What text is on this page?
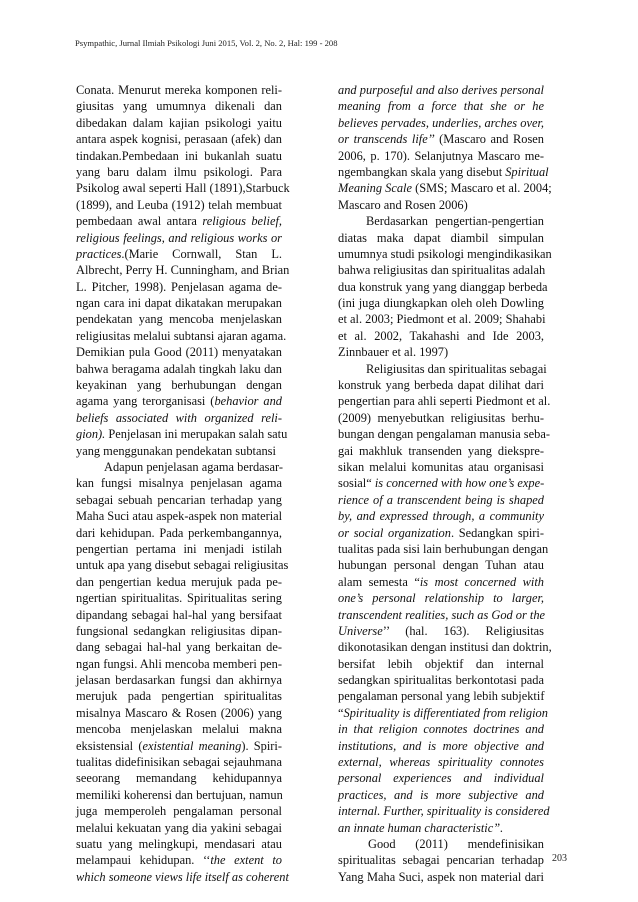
Psympathic, Jurnal Ilmiah Psikologi Juni 2015, Vol. 2, No. 2, Hal: 199 - 208
Conata. Menurut mereka komponen reli-
giusitas yang umumnya dikenali dan
dibedakan dalam kajian psikologi yaitu
antara aspek kognisi, perasaan (afek) dan
tindakan.Pembedaan ini bukanlah suatu
yang baru dalam ilmu psikologi. Para
Psikolog awal seperti Hall (1891),Starbuck
(1899), and Leuba (1912) telah membuat
pembedaan awal antara religious belief,
religious feelings, and religious works or
practices.(Marie Cornwall, Stan L.
Albrecht, Perry H. Cunningham, and Brian
L. Pitcher, 1998). Penjelasan agama de-
ngan cara ini dapat dikatakan merupakan
pendekatan yang mencoba menjelaskan
religiusitas melalui subtansi ajaran agama.
Demikian pula Good (2011) menyatakan
bahwa beragama adalah tingkah laku dan
keyakinan yang berhubungan dengan
agama yang terorganisasi (behavior and
beliefs associated with organized reli-
gion). Penjelasan ini merupakan salah satu
yang menggunakan pendekatan subtansi
Adapun penjelasan agama berdasar-
kan fungsi misalnya penjelasan agama
sebagai sebuah pencarian terhadap yang
Maha Suci atau aspek-aspek non material
dari kehidupan. Pada perkembangannya,
pengertian pertama ini menjadi istilah
untuk apa yang disebut sebagai religiusitas
dan pengertian kedua merujuk pada pe-
ngertian spiritualitas. Spiritualitas sering
dipandang sebagai hal-hal yang bersifaat
fungsional sedangkan religiusitas dipan-
dang sebagai hal-hal yang berkaitan de-
ngan fungsi. Ahli mencoba memberi pen-
jelasan berdasarkan fungsi dan akhirnya
merujuk pada pengertian spiritualitas
misalnya Mascaro & Rosen (2006) yang
mencoba menjelaskan melalui makna
eksistensial (existential meaning). Spiri-
tualitas didefinisikan sebagai sejauhmana
seeorang memandang kehidupannya
memiliki koherensi dan bertujuan, namun
juga memperoleh pengalaman personal
melalui kekuatan yang dia yakini sebagai
suatu yang melingkupi, mendasari atau
melampaui kehidupan. ‘‘the extent to
which someone views life itself as coherent
and purposeful and also derives personal
meaning from a force that she or he
believes pervades, underlies, arches over,
or transcends life’’ (Mascaro and Rosen
2006, p. 170). Selanjutnya Mascaro me-
ngembangkan skala yang disebut Spiritual
Meaning Scale (SMS; Mascaro et al. 2004;
Mascaro and Rosen 2006)
Berdasarkan pengertian-pengertian
diatas maka dapat diambil simpulan
umumnya studi psikologi mengindikasikan
bahwa religiusitas dan spiritualitas adalah
dua konstruk yang yang dianggap berbeda
(ini juga diungkapkan oleh oleh Dowling
et al. 2003; Piedmont et al. 2009; Shahabi
et al. 2002, Takahashi and Ide 2003,
Zinnbauer et al. 1997)
Religiusitas dan spiritualitas sebagai
konstruk yang berbeda dapat dilihat dari
pengertian para ahli seperti Piedmont et al.
(2009) menyebutkan religiusitas berhu-
bungan dengan pengalaman manusia seba-
gai makhluk transenden yang diekspre-
sikan melalui komunitas atau organisasi
sosial“ is concerned with how one’s expe-
rience of a transcendent being is shaped
by, and expressed through, a community
or social organization. Sedangkan spiri-
tualitas pada sisi lain berhubungan dengan
hubungan personal dengan Tuhan atau
alam semesta “is most concerned with
one’s personal relationship to larger,
transcendent realities, such as God or the
Universe’’ (hal. 163). Religiusitas
dikonotasikan dengan institusi dan doktrin,
bersifat lebih objektif dan internal
sedangkan spiritualitas berkontotasi pada
pengalaman personal yang lebih subjektif
“Spirituality is differentiated from religion
in that religion connotes doctrines and
institutions, and is more objective and
external, whereas spirituality connotes
personal experiences and individual
practices, and is more subjective and
internal. Further, spirituality is considered
an innate human characteristic”.
Good (2011) mendefinisikan
spiritualitas sebagai pencarian terhadap
Yang Maha Suci, aspek non material dari
203
